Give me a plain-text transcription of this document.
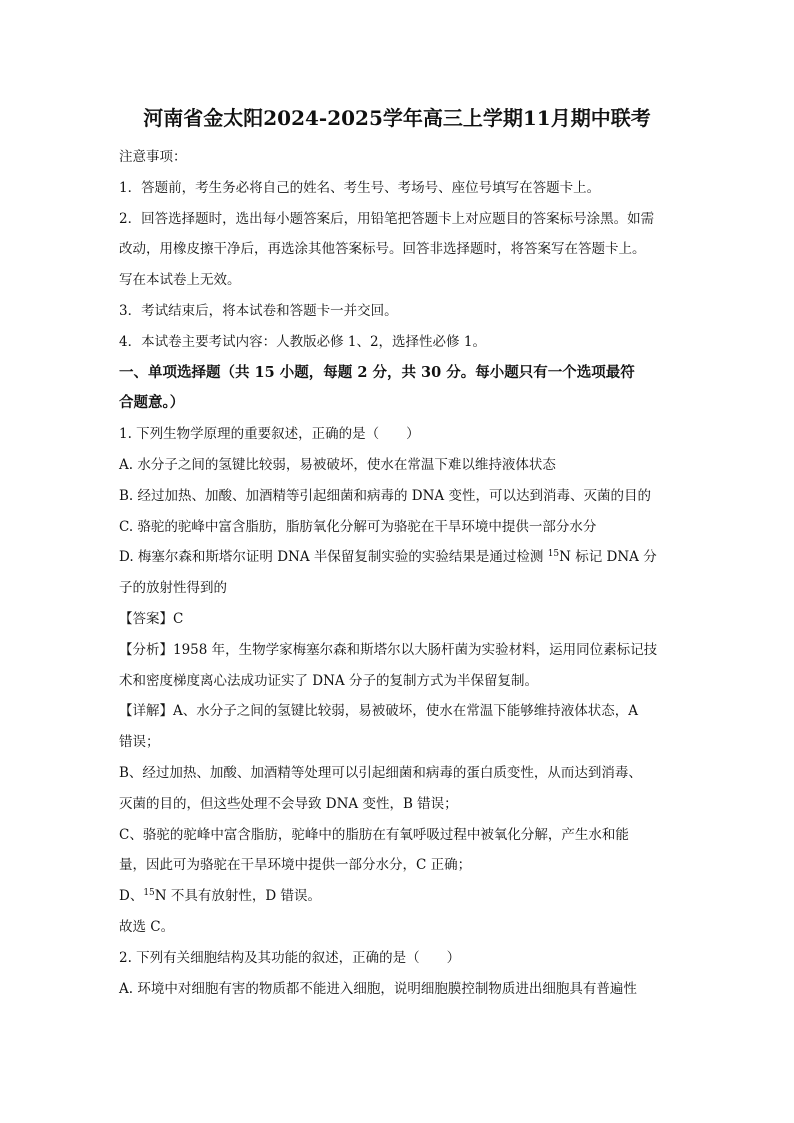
河南省金太阳2024-2025学年高三上学期11月期中联考

注意事项：

1．答题前，考生务必将自己的姓名、考生号、考场号、座位号填写在答题卡上。

2．回答选择题时，选出每小题答案后，用铅笔把答题卡上对应题目的答案标号涂黑。如需

改动，用橡皮擦干净后，再选涂其他答案标号。回答非选择题时，将答案写在答题卡上。

写在本试卷上无效。

3．考试结束后，将本试卷和答题卡一并交回。

4．本试卷主要考试内容：人教版必修 1、2，选择性必修 1。

一、单项选择题（共 15 小题，每题 2 分，共 30 分。每小题只有一个选项最符

合题意。）

1. 下列生物学原理的重要叙述，正确的是（　　）

A. 水分子之间的氢键比较弱，易被破坏，使水在常温下难以维持液体状态

B. 经过加热、加酸、加酒精等引起细菌和病毒的 DNA 变性，可以达到消毒、灭菌的目的

C. 骆驼的驼峰中富含脂肪，脂肪氧化分解可为骆驼在干旱环境中提供一部分水分

D. 梅塞尔森和斯塔尔证明 DNA 半保留复制实验的实验结果是通过检测 $^{15}$N 标记 DNA 分

子的放射性得到的

【答案】C

【分析】1958 年，生物学家梅塞尔森和斯塔尔以大肠杆菌为实验材料，运用同位素标记技

术和密度梯度离心法成功证实了 DNA 分子的复制方式为半保留复制。

【详解】A、水分子之间的氢键比较弱，易被破坏，使水在常温下能够维持液体状态，A

错误；

B、经过加热、加酸、加酒精等处理可以引起细菌和病毒的蛋白质变性，从而达到消毒、

灭菌的目的，但这些处理不会导致 DNA 变性，B 错误；

C、骆驼的驼峰中富含脂肪，驼峰中的脂肪在有氧呼吸过程中被氧化分解，产生水和能

量，因此可为骆驼在干旱环境中提供一部分水分，C 正确；

D、$^{15}$N 不具有放射性，D 错误。

故选 C。

2. 下列有关细胞结构及其功能的叙述，正确的是（　　）

A. 环境中对细胞有害的物质都不能进入细胞，说明细胞膜控制物质进出细胞具有普遍性
